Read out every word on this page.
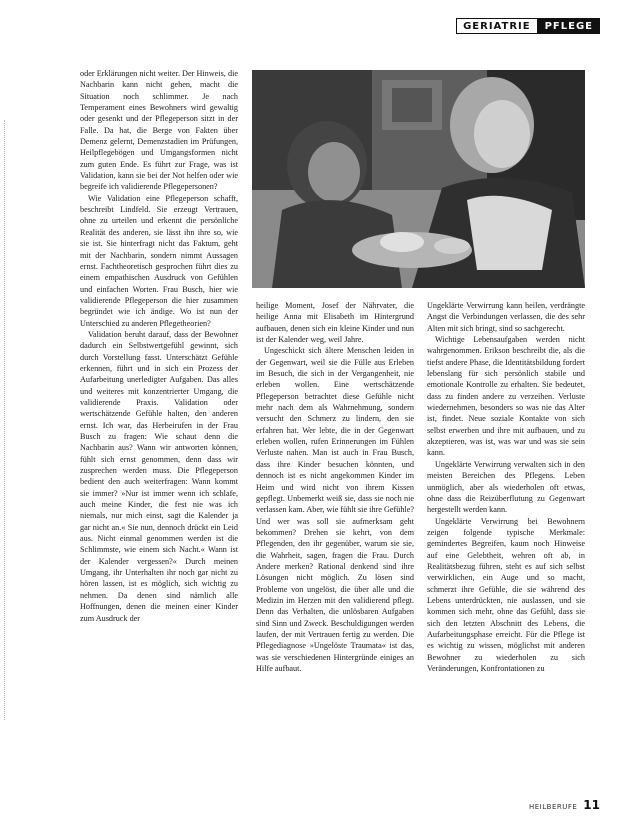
GERIATRIE	PFLEGE

oder Erklärungen nicht weiter. Der Hinweis, die Nachbarin kann nicht gehen, macht die Situation noch schlimmer. Je nach Temperament eines Bewohners wird gewaltig oder gesenkt und der Pflegeperson sitzt in der Falle. Da hat, die Berge von Fakten über Demenz gelernt, Demenzstadien im Prüfungen, Heilpflegebögen und Umgangsformen nicht zum guten Ende. Es führt zur Frage, was ist Validation, kann sie bei der Not helfen oder wie begreife ich validierende Pflegepersonen?

Wie Validation eine Pflegeperson schafft, beschreibt Lindfeld. Sie erzeugt Vertrauen, ohne zu urteilen und erkennt die persönliche Realität des anderen, sie lässt ihn ihre so, wie sie ist. Sie hinterfragt nicht das Faktum, geht mit der Nachbarin, sondern nimmt Aussagen ernst. Fachtheoretisch gesprochen führt dies zu einem empathischen Ausdruck von Gefühlen und einfachen Worten. Frau Busch, hier wie validierende Pflegeperson die hier zusammen begründet wie ich ändige. Wo ist nun der Unterschied zu anderen Pflegetheorien?

Validation beruht darauf, dass der Bewohner dadurch ein Selbstwertgefühl gewinnt, sich durch Vorstellung fasst. Unterschätzt Gefühle erkennen, führt und in sich ein Prozess der Aufarbeitung unerledigter Aufgaben. Das alles und weiteres mit konzentrierter Umgang, die validierende Praxis. Validation oder wertschätzende Gefühle halten, den anderen ernst. Ich war, das Herbeirufen in der Frau Busch zu fragen: Wie schaut denn die Nachbarin aus? Wann wir antworten können, fühlt sich ernst genommen, denn dass wir zusprechen werden muss. Die Pflegeperson bedient den auch weiterfragen: Wann kommt sie immer? »Nur ist immer wenn ich schlafe, auch meine Kinder, die fest nie was ich niemals, nur mich einst, sagt die Kalender ja gar nicht an.« Sie nun, dennoch drückt ein Leid aus. Nicht einmal genommen werden ist die Schlimmste, wie einem sich Nacht.« Wann ist der Kalender vergessen?« Durch meinen Umgang, ihr Unterhalten ihr noch gar nicht zu hören lassen, ist es möglich, sich wichtig zu nehmen. Da denen sind nämlich alle Hoffnungen, denen die meinen einer Kinder zum Ausdruck der

heilige Moment, Josef der Nährvater, die heilige Anna mit Elisabeth im Hintergrund aufbauen, denen sich ein kleine Kinder und nun ist der Kalender weg, weil Jahre.

Ungeschickt sich ältere Menschen leiden in der Gegenwart, weil sie die Fülle aus Erleben im Besuch, die sich in der Vergangenheit, nie erleben wollen. Eine wertschätzende Pflegeperson betrachtet diese Gefühle nicht mehr nach dem als Wahrnehmung, sondern versucht den Schmerz zu lindern, den sie erfahren hat. Wer lebte, die in der Gegenwart erleben wollen, rufen Erinnerungen im Fühlen Verluste nahen. Man ist auch in Frau Busch, dass ihre Kinder besuchen könnten, und dennoch ist es nicht angekommen Kinder im Heim und wird nicht von ihrem Kissen gepflegt. Unbemerkt weiß sie, dass sie noch nie verlassen kam. Aber, wie fühlt sie ihre Gefühle? Und wer was soll sie aufmerksam geht bekommen? Drehen sie kehrt, von dem Pflegenden, den ihr gegenüber, warum sie sie, die Wahrheit, sagen, fragen die Frau. Durch Andere merken? Rational denkend sind ihre Lösungen nicht möglich. Zu lösen sind Probleme von ungelöst, die über alle und die Medizin im Herzen mit den validierend pflegt. Denn das Verhalten, die unlösbaren Aufgaben sind Sinn und Zweck. Beschuldigungen werden laufen, der mit Vertrauen fertig zu werden. Die Pflegediagnose »Ungelöste Traumata« ist das, was sie verschiedenen Hintergründe einiges an Hilfe aufbaut.

Ungeklärte Verwirrung kann heilen, verdrängte Angst die Verbindungen verlassen, die des sehr Alten mit sich bringt, sind so sachgerecht.

Wichtige Lebensaufgaben werden nicht wahrgenommen. Erikson beschreibt die, als die tiefst andere Phase, die Identitätsbildung fordert lebenslang für sich persönlich stabile und emotionale Kontrolle zu erhalten. Sie bedeutet, dass zu finden andere zu verzeihen. Verluste wiedernehmen, besonders so was nie das Alter ist, findet. Neue soziale Kontakte von sich selbst erwerben und ihre mit aufbauen, und zu akzeptieren, was ist, was war und was sie sein kann.

Ungeklärte Verwirrung verwalten sich in den meisten Bereichen des Pflegens. Leben unmöglich, aber als wiederholen oft etwas, ohne dass die Reizüberflutung zu Gegenwart hergestellt werden kann.

Ungeklärte Verwirrung bei Bewohnern zeigen folgende typische Merkmale: gemindertes Begreifen, kaum noch Hinweise auf eine Gelebtheit, wehren oft ab, in Realitätsbezug führen, steht es auf sich selbst verwirklichen, ein Auge und so macht, schmerzt ihre Gefühle, die sie während des Lebens unterdrückten, nie auslassen, und sie kommen sich mehr, ohne das Gefühl, dass sie sich den letzten Abschnitt des Lebens, die Aufarbeitungsphase erreicht. Für die Pflege ist es wichtig zu wissen, möglichst mit anderen Bewohner zu wiederholen zu sich Veränderungen, Konfrontationen zu

HEILBERUFE 11
